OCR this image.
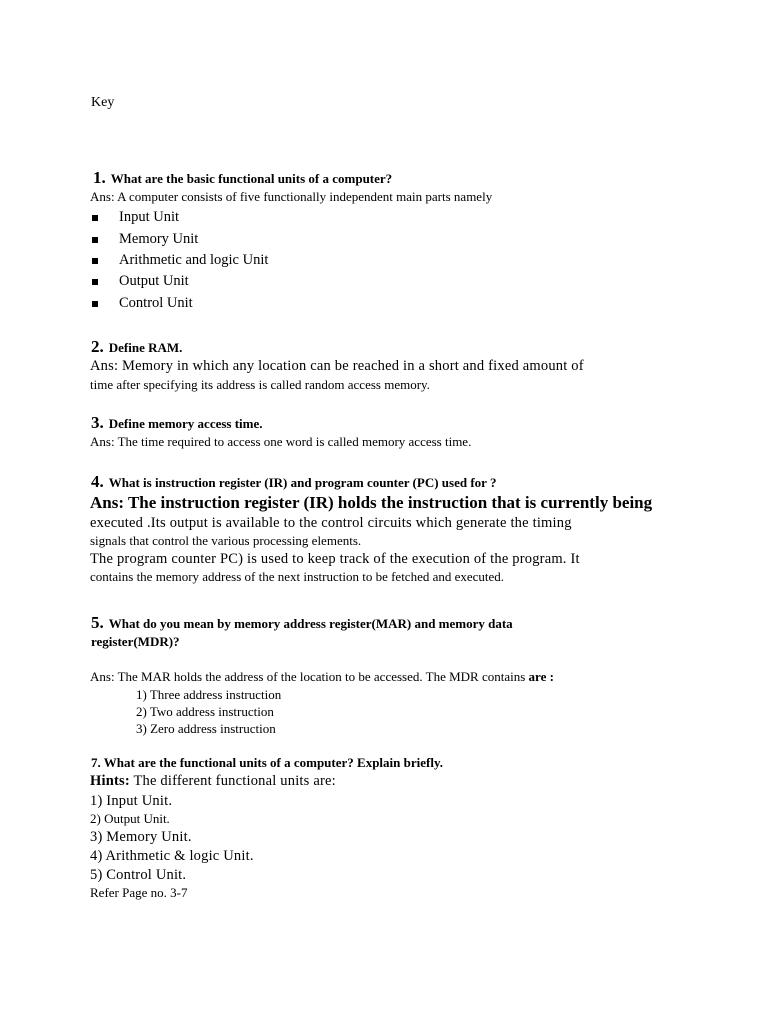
Key
1. What are the basic functional units of a computer?
Ans: A computer consists of five functionally independent main parts namely
Input Unit
Memory Unit
Arithmetic and logic Unit
Output Unit
Control Unit
2. Define RAM.
Ans: Memory in which any location can be reached in a short and fixed amount of
time after specifying its address is called random access memory.
3. Define memory access time.
Ans: The time required to access one word is called memory access time.
4. What is instruction register (IR) and program counter (PC) used for ?
Ans: The instruction register (IR) holds the instruction that is currently being
executed .Its output is available to the control circuits which generate the timing
signals that control the various processing elements.
The program counter PC) is used to keep track of the execution of the program. It
contains the memory address of the next instruction to be fetched and executed.
5. What do you mean by memory address register(MAR) and memory data
register(MDR)?
Ans: The MAR holds the address of the location to be accessed. The MDR contains are :
1) Three address instruction
2) Two address instruction
3) Zero address instruction
7. What are the functional units of a computer? Explain briefly.
Hints: The different functional units are:
1) Input Unit.
2) Output Unit.
3) Memory Unit.
4) Arithmetic & logic Unit.
5) Control Unit.
Refer Page no. 3-7
